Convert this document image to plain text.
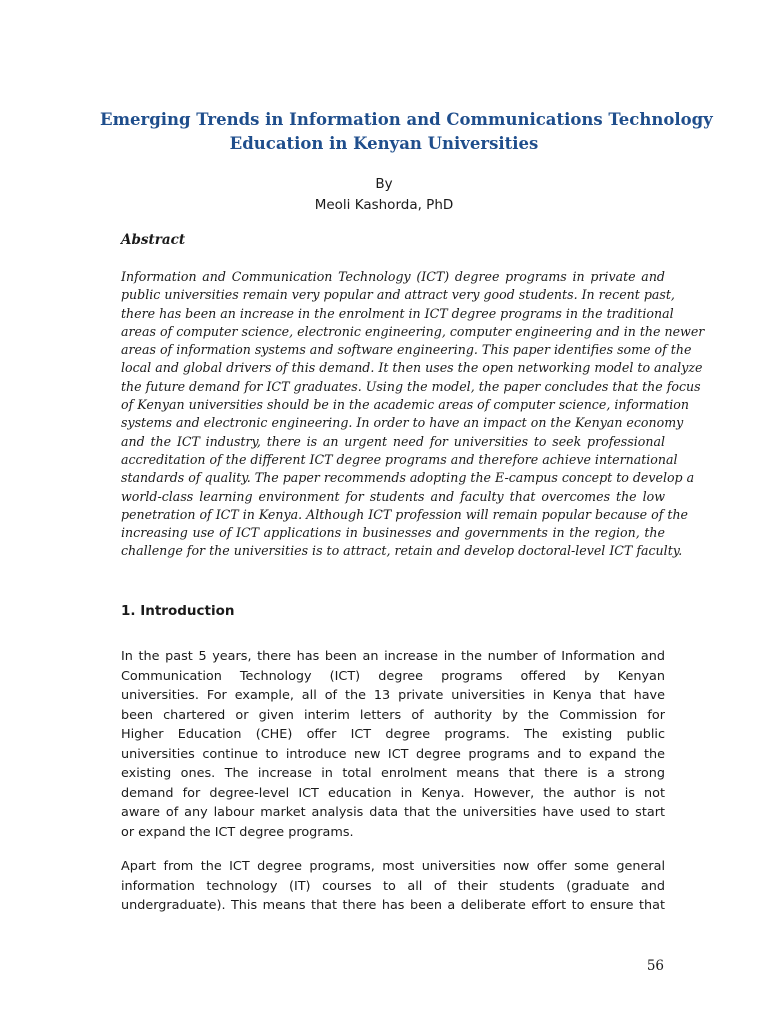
Emerging Trends in Information and Communications Technology
Education in Kenyan Universities
By
Meoli Kashorda, PhD
Abstract

Information and Communication Technology (ICT) degree programs in private and
public universities remain very popular and attract very good students. In recent past,
there has been an increase in the enrolment in ICT degree programs in the traditional
areas of computer science, electronic engineering, computer engineering and in the newer
areas of information systems and software engineering. This paper identifies some of the
local and global drivers of this demand. It then uses the open networking model to analyze
the future demand for ICT graduates. Using the model, the paper concludes that the focus
of Kenyan universities should be in the academic areas of computer science, information
systems and electronic engineering. In order to have an impact on the Kenyan economy
and the ICT industry, there is an urgent need for universities to seek professional
accreditation of the different ICT degree programs and therefore achieve international
standards of quality. The paper recommends adopting the E-campus concept to develop a
world-class learning environment for students and faculty that overcomes the low
penetration of ICT in Kenya. Although ICT profession will remain popular because of the
increasing use of ICT applications in businesses and governments in the region, the
challenge for the universities is to attract, retain and develop doctoral-level ICT faculty.

1. Introduction

In the past 5 years, there has been an increase in the number of Information and
Communication Technology (ICT) degree programs offered by Kenyan
universities. For example, all of the 13 private universities in Kenya that have
been chartered or given interim letters of authority by the Commission for
Higher Education (CHE) offer ICT degree programs. The existing public
universities continue to introduce new ICT degree programs and to expand the
existing ones. The increase in total enrolment means that there is a strong
demand for degree-level ICT education in Kenya. However, the author is not
aware of any labour market analysis data that the universities have used to start
or expand the ICT degree programs.

Apart from the ICT degree programs, most universities now offer some general
information technology (IT) courses to all of their students (graduate and
undergraduate). This means that there has been a deliberate effort to ensure that

56
